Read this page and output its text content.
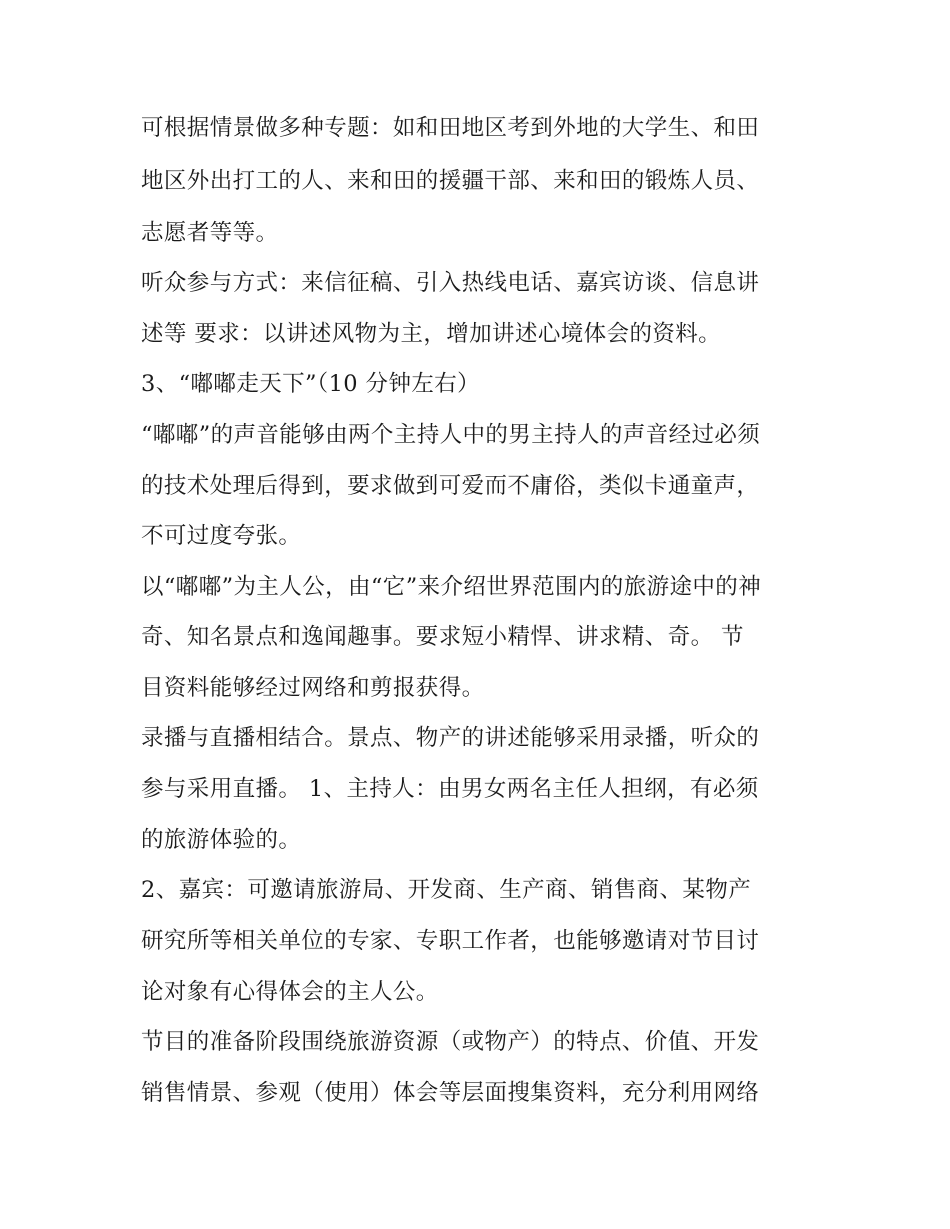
可根据情景做多种专题：如和田地区考到外地的大学生、和田
地区外出打工的人、来和田的援疆干部、来和田的锻炼人员、
志愿者等等。
听众参与方式：来信征稿、引入热线电话、嘉宾访谈、信息讲
述等 要求：以讲述风物为主，增加讲述心境体会的资料。
3、“嘟嘟走天下”（10 分钟左右）
“嘟嘟”的声音能够由两个主持人中的男主持人的声音经过必须
的技术处理后得到，要求做到可爱而不庸俗，类似卡通童声，
不可过度夸张。
以“嘟嘟”为主人公，由“它”来介绍世界范围内的旅游途中的神
奇、知名景点和逸闻趣事。要求短小精悍、讲求精、奇。 节
目资料能够经过网络和剪报获得。
录播与直播相结合。景点、物产的讲述能够采用录播，听众的
参与采用直播。 1、主持人：由男女两名主任人担纲，有必须
的旅游体验的。
2、嘉宾：可邀请旅游局、开发商、生产商、销售商、某物产
研究所等相关单位的专家、专职工作者，也能够邀请对节目讨
论对象有心得体会的主人公。
节目的准备阶段围绕旅游资源（或物产）的特点、价值、开发
销售情景、参观（使用）体会等层面搜集资料，充分利用网络
